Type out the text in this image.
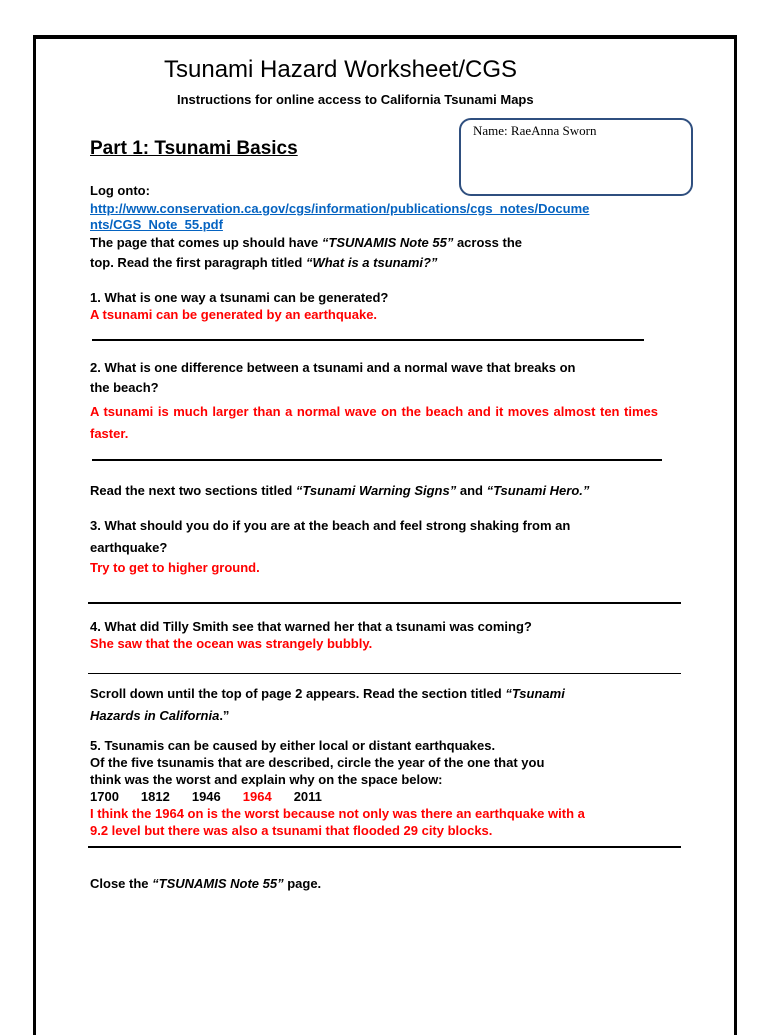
Tsunami Hazard Worksheet/CGS
Instructions for online access to California Tsunami Maps
Name: RaeAnna Sworn
Part 1: Tsunami Basics
Log onto:
http://www.conservation.ca.gov/cgs/information/publications/cgs_notes/Docume
nts/CGS_Note_55.pdf
The page that comes up should have “TSUNAMIS Note 55” across the
top. Read the first paragraph titled “What is a tsunami?”
1. What is one way a tsunami can be generated?
A tsunami can be generated by an earthquake.
2. What is one difference between a tsunami and a normal wave that breaks on
the beach?
A tsunami is much larger than a normal wave on the beach and it moves almost ten times faster.
Read the next two sections titled “Tsunami Warning Signs” and “Tsunami Hero.”
3. What should you do if you are at the beach and feel strong shaking from an
earthquake?
Try to get to higher ground.
4. What did Tilly Smith see that warned her that a tsunami was coming?
She saw that the ocean was strangely bubbly.
Scroll down until the top of page 2 appears. Read the section titled “Tsunami
Hazards in California.”
5. Tsunamis can be caused by either local or distant earthquakes.
Of the five tsunamis that are described, circle the year of the one that you
think was the worst and explain why on the space below:
1700 1812 1946 1964 2011
I think the 1964 on is the worst because not only was there an earthquake with a
9.2 level but there was also a tsunami that flooded 29 city blocks.
Close the “TSUNAMIS Note 55” page.
